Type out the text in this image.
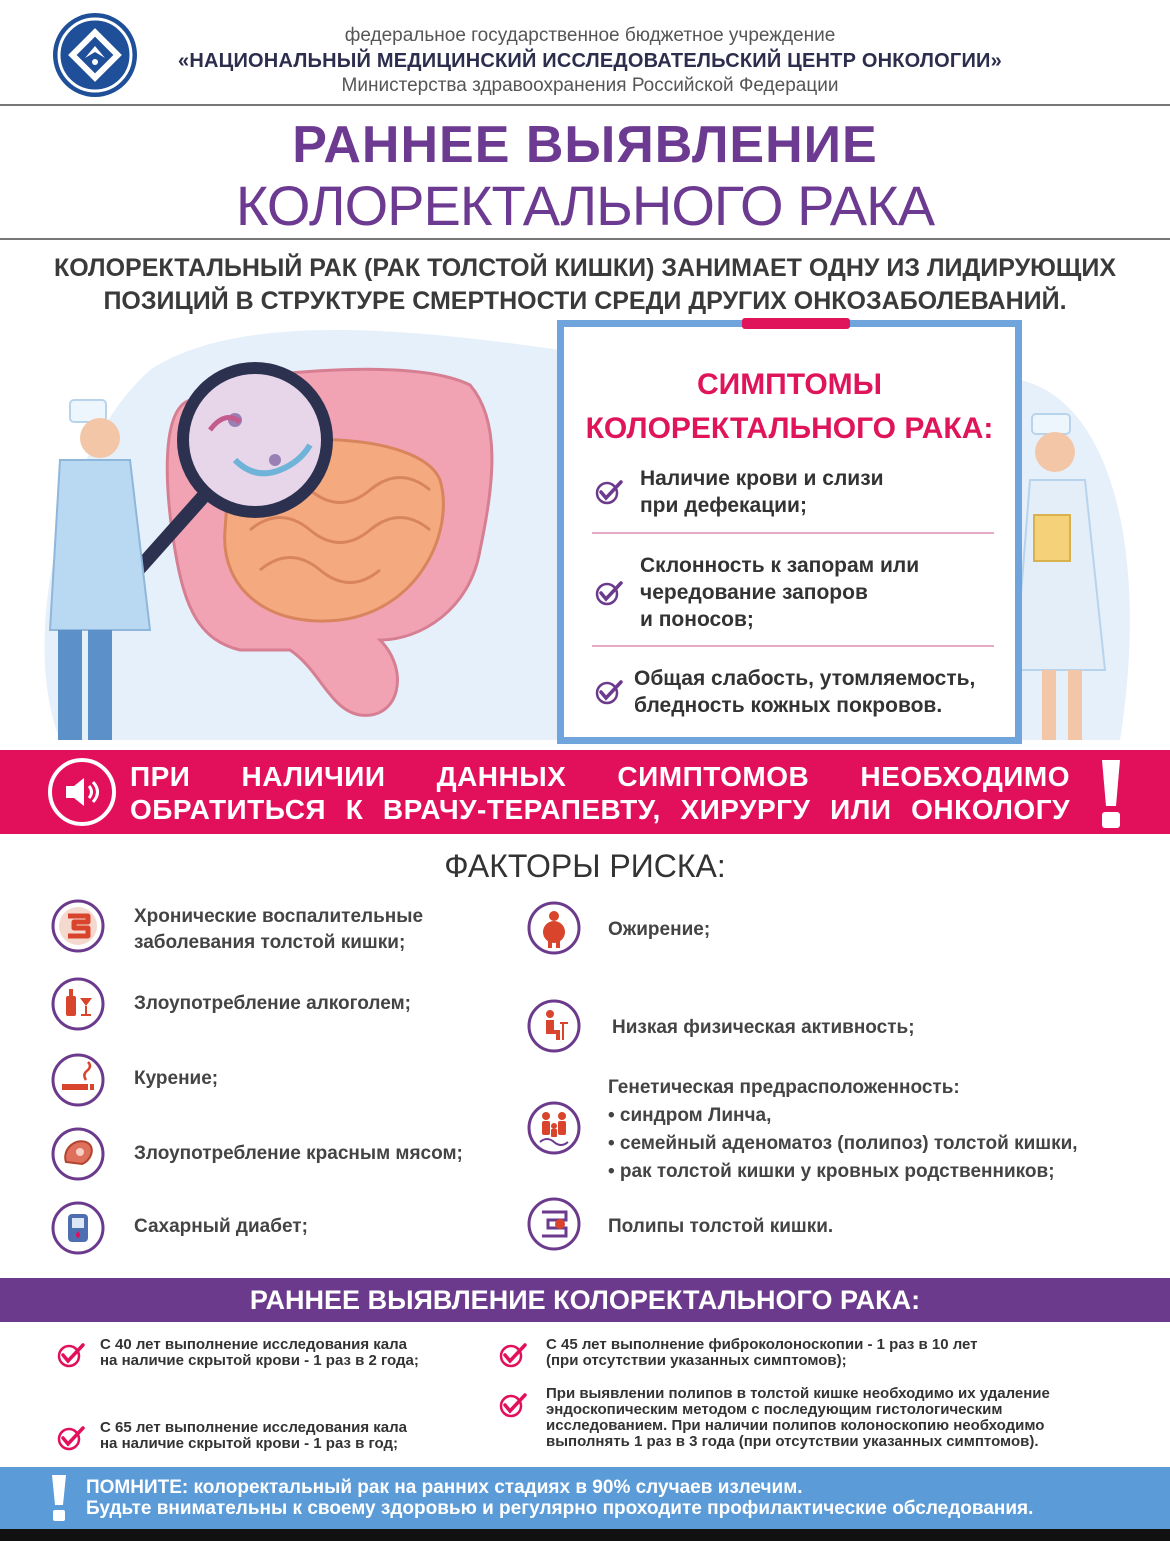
федеральное государственное бюджетное учреждение
«НАЦИОНАЛЬНЫЙ МЕДИЦИНСКИЙ ИССЛЕДОВАТЕЛЬСКИЙ ЦЕНТР ОНКОЛОГИИ»
Министерства здравоохранения Российской Федерации
РАННЕЕ ВЫЯВЛЕНИЕ
КОЛОРЕКТАЛЬНОГО РАКА
КОЛОРЕКТАЛЬНЫЙ РАК (РАК ТОЛСТОЙ КИШКИ) ЗАНИМАЕТ ОДНУ ИЗ ЛИДИРУЮЩИХ ПОЗИЦИЙ В СТРУКТУРЕ СМЕРТНОСТИ СРЕДИ ДРУГИХ ОНКОЗАБОЛЕВАНИЙ.
СИМПТОМЫ
КОЛОРЕКТАЛЬНОГО РАКА:
Наличие крови и слизи
при дефекации;
Склонность к запорам или
чередование запоров
и поносов;
Общая слабость, утомляемость,
бледность кожных покровов.
ПРИ НАЛИЧИИ ДАННЫХ СИМПТОМОВ НЕОБХОДИМО
ОБРАТИТЬСЯ К ВРАЧУ-ТЕРАПЕВТУ, ХИРУРГУ ИЛИ ОНКОЛОГУ
ФАКТОРЫ РИСКА:
Хронические воспалительные
заболевания толстой кишки;
Злоупотребление алкоголем;
Курение;
Злоупотребление красным мясом;
Сахарный диабет;
Ожирение;
Низкая физическая активность;
Генетическая предрасположенность:
• синдром Линча,
• семейный аденоматоз (полипоз) толстой кишки,
• рак толстой кишки у кровных родственников;
Полипы толстой кишки.
РАННЕЕ ВЫЯВЛЕНИЕ КОЛОРЕКТАЛЬНОГО РАКА:
С 40 лет выполнение исследования кала
на наличие скрытой крови - 1 раз в 2 года;
С 65 лет выполнение исследования кала
на наличие скрытой крови - 1 раз в год;
С 45 лет выполнение фиброколоноскопии - 1 раз в 10 лет
(при отсутствии указанных симптомов);
При выявлении полипов в толстой кишке необходимо их удаление
эндоскопическим методом с последующим гистологическим
исследованием. При наличии полипов колоноскопию необходимо
выполнять 1 раз в 3 года (при отсутствии указанных симптомов).
ПОМНИТЕ: колоректальный рак на ранних стадиях в 90% случаев излечим.
Будьте внимательны к своему здоровью и регулярно проходите профилактические обследования.
